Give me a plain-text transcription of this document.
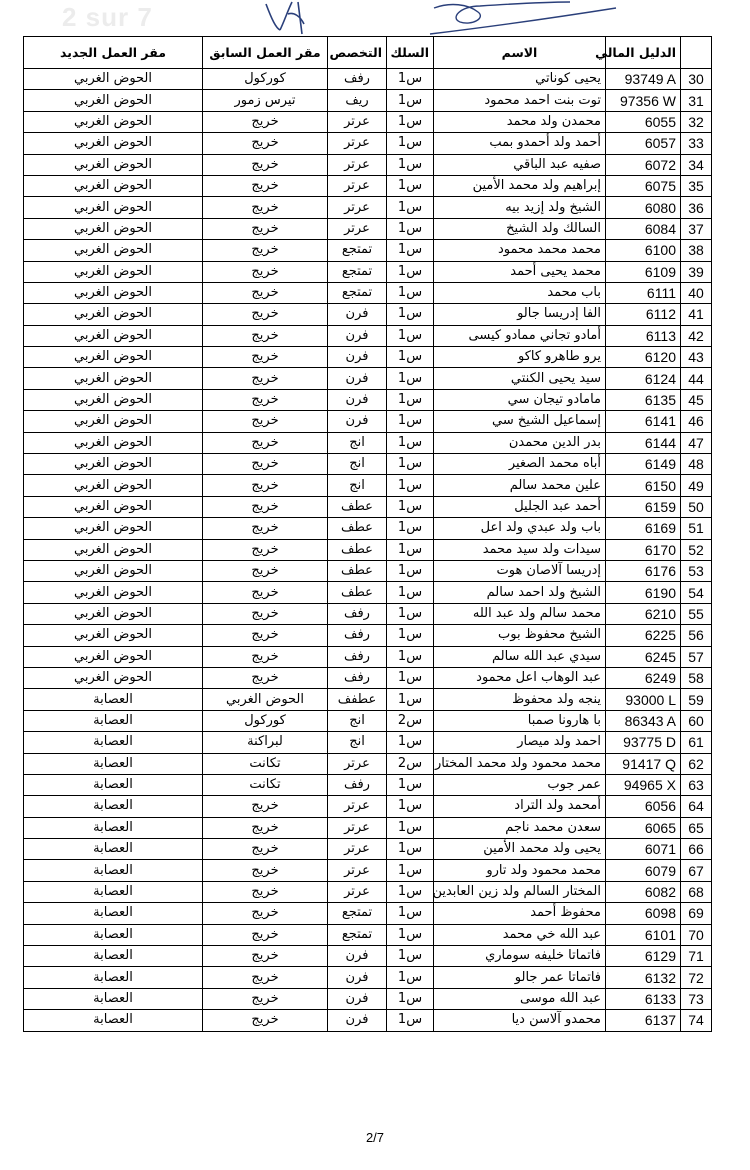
2 sur 7
	الدليل المالي	الاسم	السلك	التخصص	مقر العمل السابق	مقر العمل الجديد
30	93749 A	يحيى كوناتي	س1	رفف	كوركول	الحوض الغربي
31	97356 W	توت بنت احمد محمود	س1	ريف	تيرس زمور	الحوض الغربي
32	6055	محمدن ولد محمد	س1	عرتر	خريج	الحوض الغربي
33	6057	أحمد ولد أحمدو بمب	س1	عرتر	خريج	الحوض الغربي
34	6072	صفيه عبد الباقي	س1	عرتر	خريج	الحوض الغربي
35	6075	إبراهيم ولد محمد الأمين	س1	عرتر	خريج	الحوض الغربي
36	6080	الشيخ ولد إزيد بيه	س1	عرتر	خريج	الحوض الغربي
37	6084	السالك ولد الشيخ	س1	عرتر	خريج	الحوض الغربي
38	6100	محمد محمد محمود	س1	تمتجع	خريج	الحوض الغربي
39	6109	محمد يحيى أحمد	س1	تمتجع	خريج	الحوض الغربي
40	6111	باب محمد	س1	تمتجع	خريج	الحوض الغربي
41	6112	الفا إدريسا جالو	س1	فرن	خريج	الحوض الغربي
42	6113	أمادو تجاني ممادو كيسى	س1	فرن	خريج	الحوض الغربي
43	6120	يرو طاهرو كاكو	س1	فرن	خريج	الحوض الغربي
44	6124	سيد يحيى الكنتي	س1	فرن	خريج	الحوض الغربي
45	6135	مامادو تيجان سي	س1	فرن	خريج	الحوض الغربي
46	6141	إسماعيل الشيخ سي	س1	فرن	خريج	الحوض الغربي
47	6144	بدر الدين محمدن	س1	انج	خريج	الحوض الغربي
48	6149	أباه محمد الصغير	س1	انج	خريج	الحوض الغربي
49	6150	علين محمد سالم	س1	انج	خريج	الحوض الغربي
50	6159	أحمد عبد الجليل	س1	عطف	خريج	الحوض الغربي
51	6169	باب ولد عبدي ولد اعل	س1	عطف	خريج	الحوض الغربي
52	6170	سيدات ولد سيد محمد	س1	عطف	خريج	الحوض الغربي
53	6176	إدريسا آلاصان هوت	س1	عطف	خريج	الحوض الغربي
54	6190	الشيخ ولد احمد سالم	س1	عطف	خريج	الحوض الغربي
55	6210	محمد سالم ولد عبد الله	س1	رفف	خريج	الحوض الغربي
56	6225	الشيخ محفوظ بوب	س1	رفف	خريج	الحوض الغربي
57	6245	سيدي عبد الله سالم	س1	رفف	خريج	الحوض الغربي
58	6249	عبد الوهاب اعل محمود	س1	رفف	خريج	الحوض الغربي
59	93000 L	ينجه ولد محفوظ	س1	عطفف	الحوض الغربي	العصابة
60	86343 A	با هارونا صمبا	س2	انج	كوركول	العصابة
61	93775 D	احمد ولد ميصار	س1	انج	لبراكنة	العصابة
62	91417 Q	محمد محمود ولد محمد المختار	س2	عرتر	تكانت	العصابة
63	94965 X	عمر جوب	س1	رفف	تكانت	العصابة
64	6056	أمحمد ولد التراد	س1	عرتر	خريج	العصابة
65	6065	سعدن محمد ناجم	س1	عرتر	خريج	العصابة
66	6071	يحيى ولد محمد الأمين	س1	عرتر	خريج	العصابة
67	6079	محمد محمود ولد تارو	س1	عرتر	خريج	العصابة
68	6082	المختار السالم ولد زين العابدين	س1	عرتر	خريج	العصابة
69	6098	محفوظ أحمد	س1	تمتجع	خريج	العصابة
70	6101	عبد الله خي محمد	س1	تمتجع	خريج	العصابة
71	6129	فاتماتا خليفه سوماري	س1	فرن	خريج	العصابة
72	6132	فاتماتا عمر جالو	س1	فرن	خريج	العصابة
73	6133	عبد الله موسى	س1	فرن	خريج	العصابة
74	6137	محمدو آلاسن ديا	س1	فرن	خريج	العصابة
2/7
